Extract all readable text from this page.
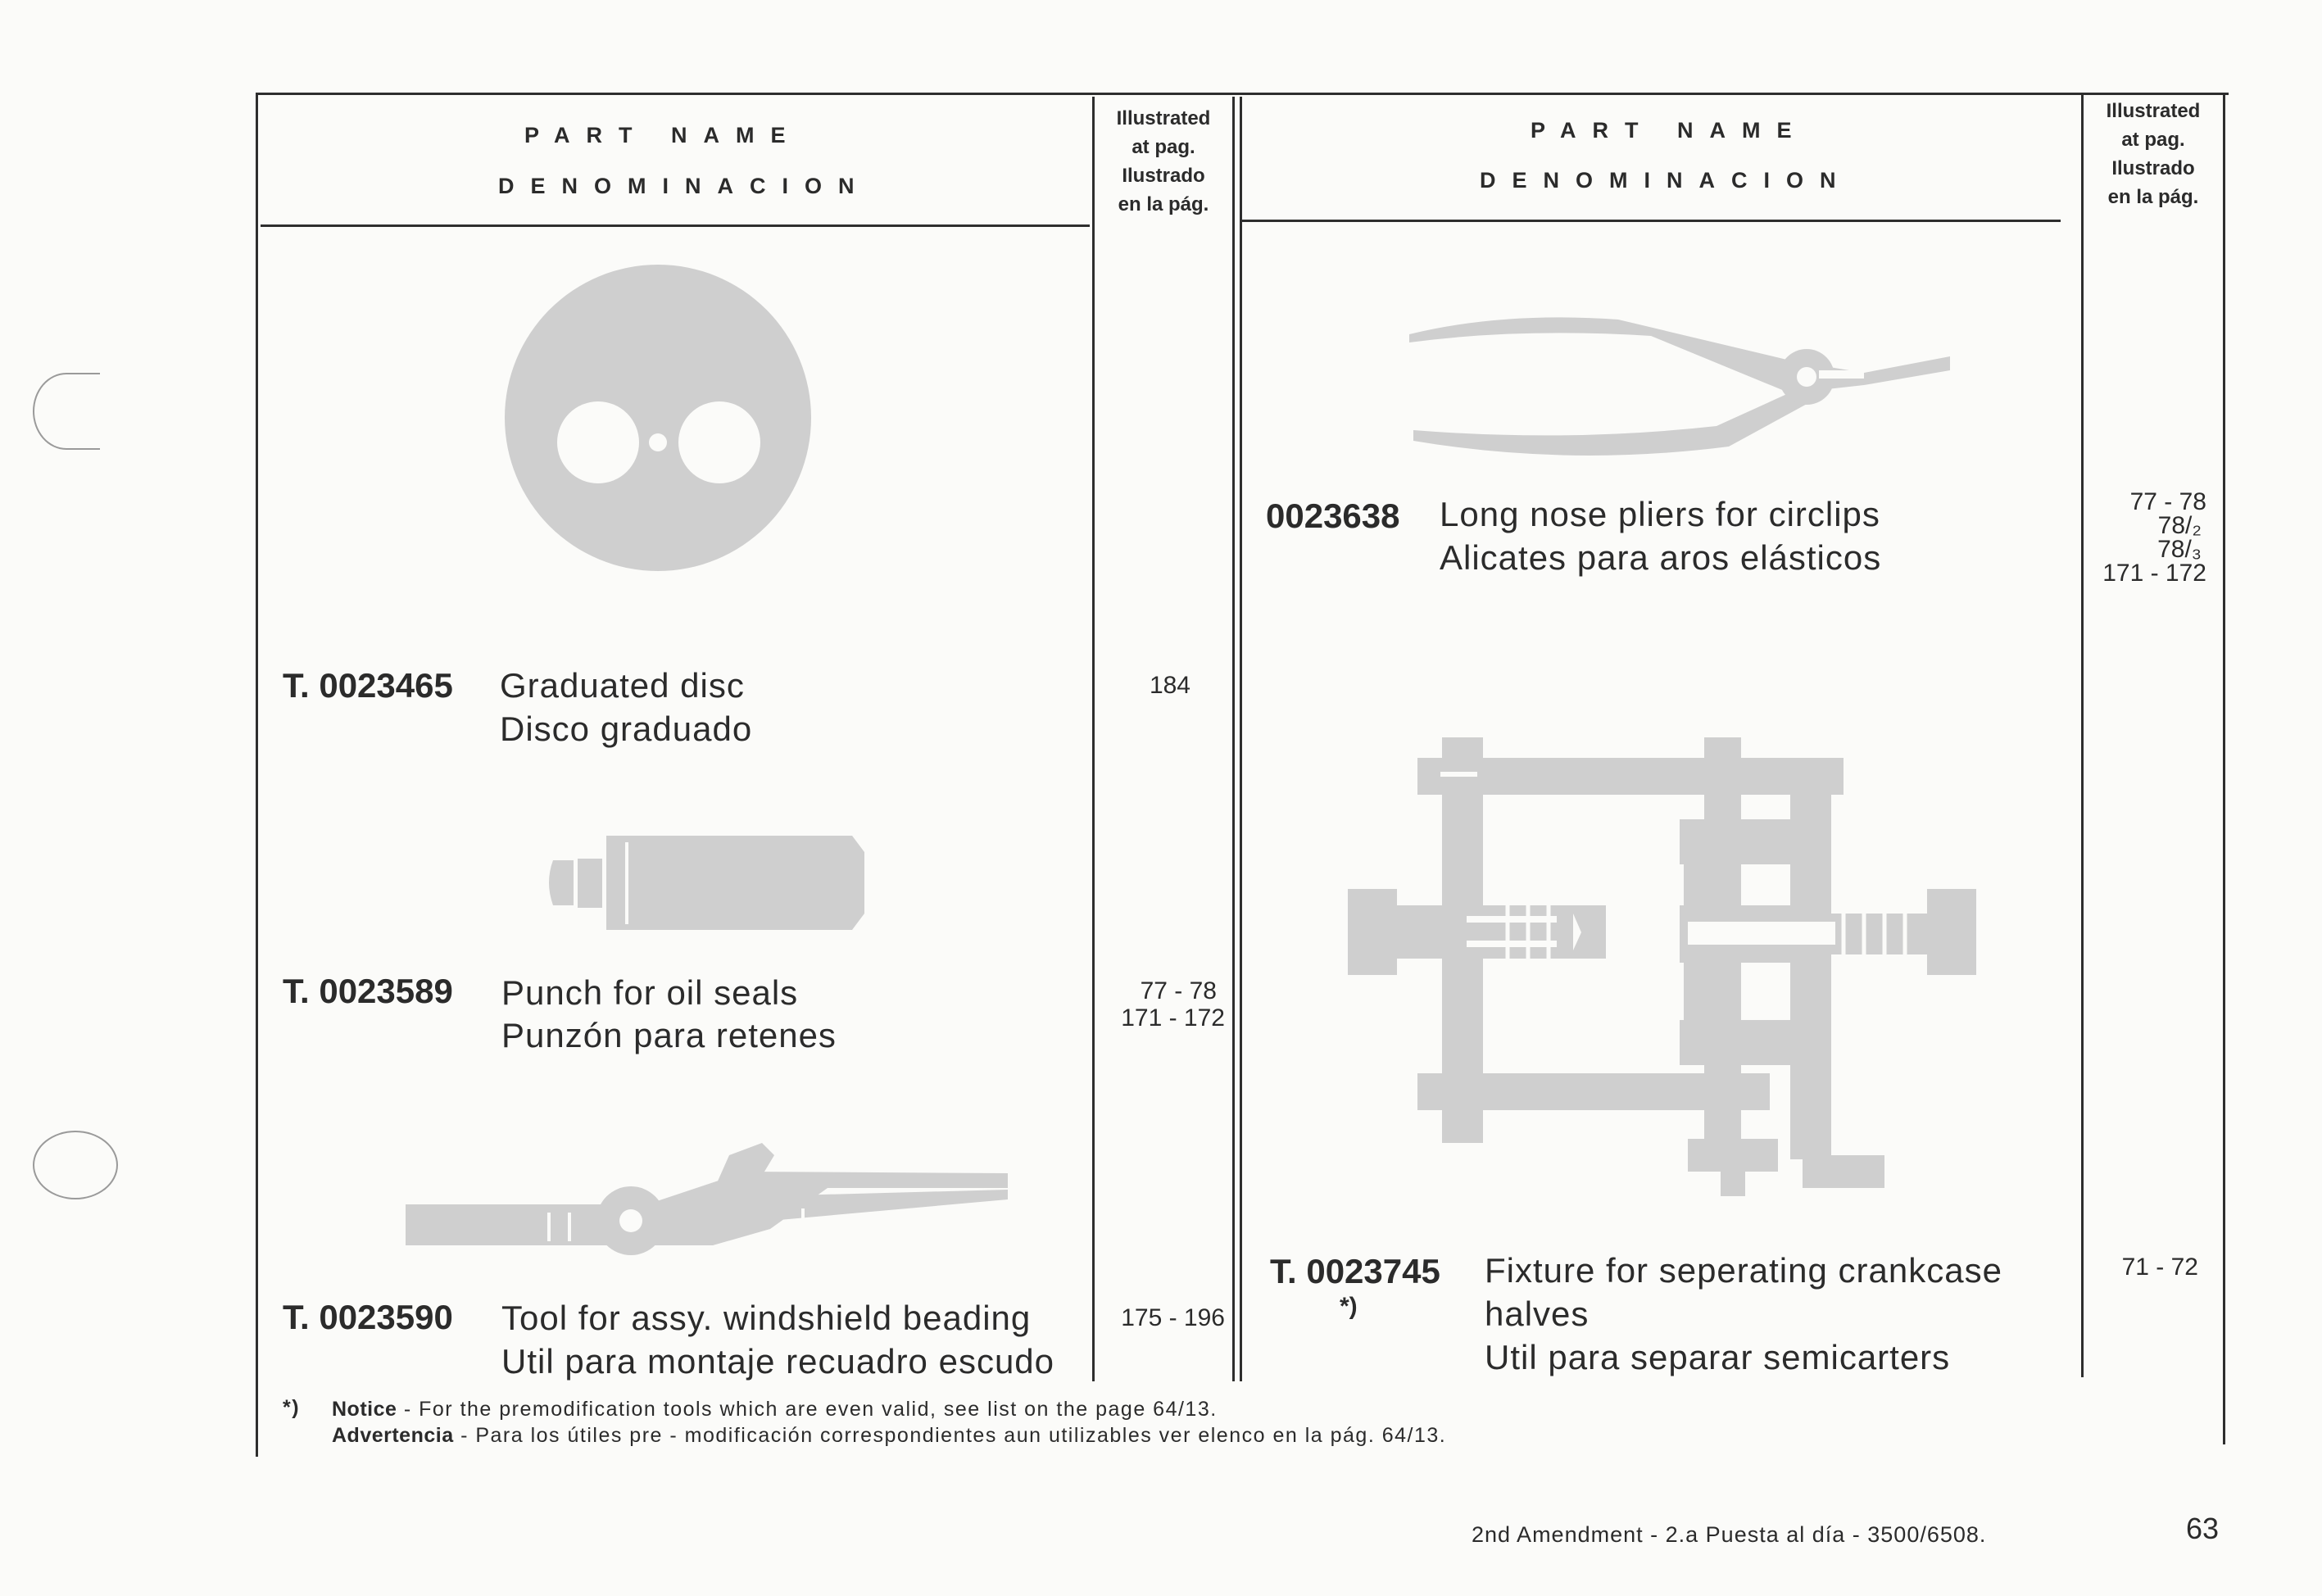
PART NAME
DENOMINACION
Illustrated
at pag.
Ilustrado
en la pág.
PART NAME
DENOMINACION
Illustrated
at pag.
Ilustrado
en la pág.
T. 0023465 Graduated disc
Disco graduado
184
T. 0023589 Punch for oil seals
Punzón para retenes
77 - 78
171 - 172
T. 0023590 Tool for assy. windshield beading
Util para montaje recuadro escudo
175 - 196
0023638 Long nose pliers for circlips
Alicates para aros elásticos
77 - 78
78/₂
78/₃
171 - 172
T. 0023745
*)
Fixture for seperating crankcase
halves
Util para separar semicarters
71 - 72
*) Notice - For the premodification tools which are even valid, see list on the page 64/13.
Advertencia - Para los útiles pre - modificación correspondientes aun utilizables ver elenco en la pág. 64/13.
2nd Amendment - 2.a Puesta al día - 3500/6508.	63
